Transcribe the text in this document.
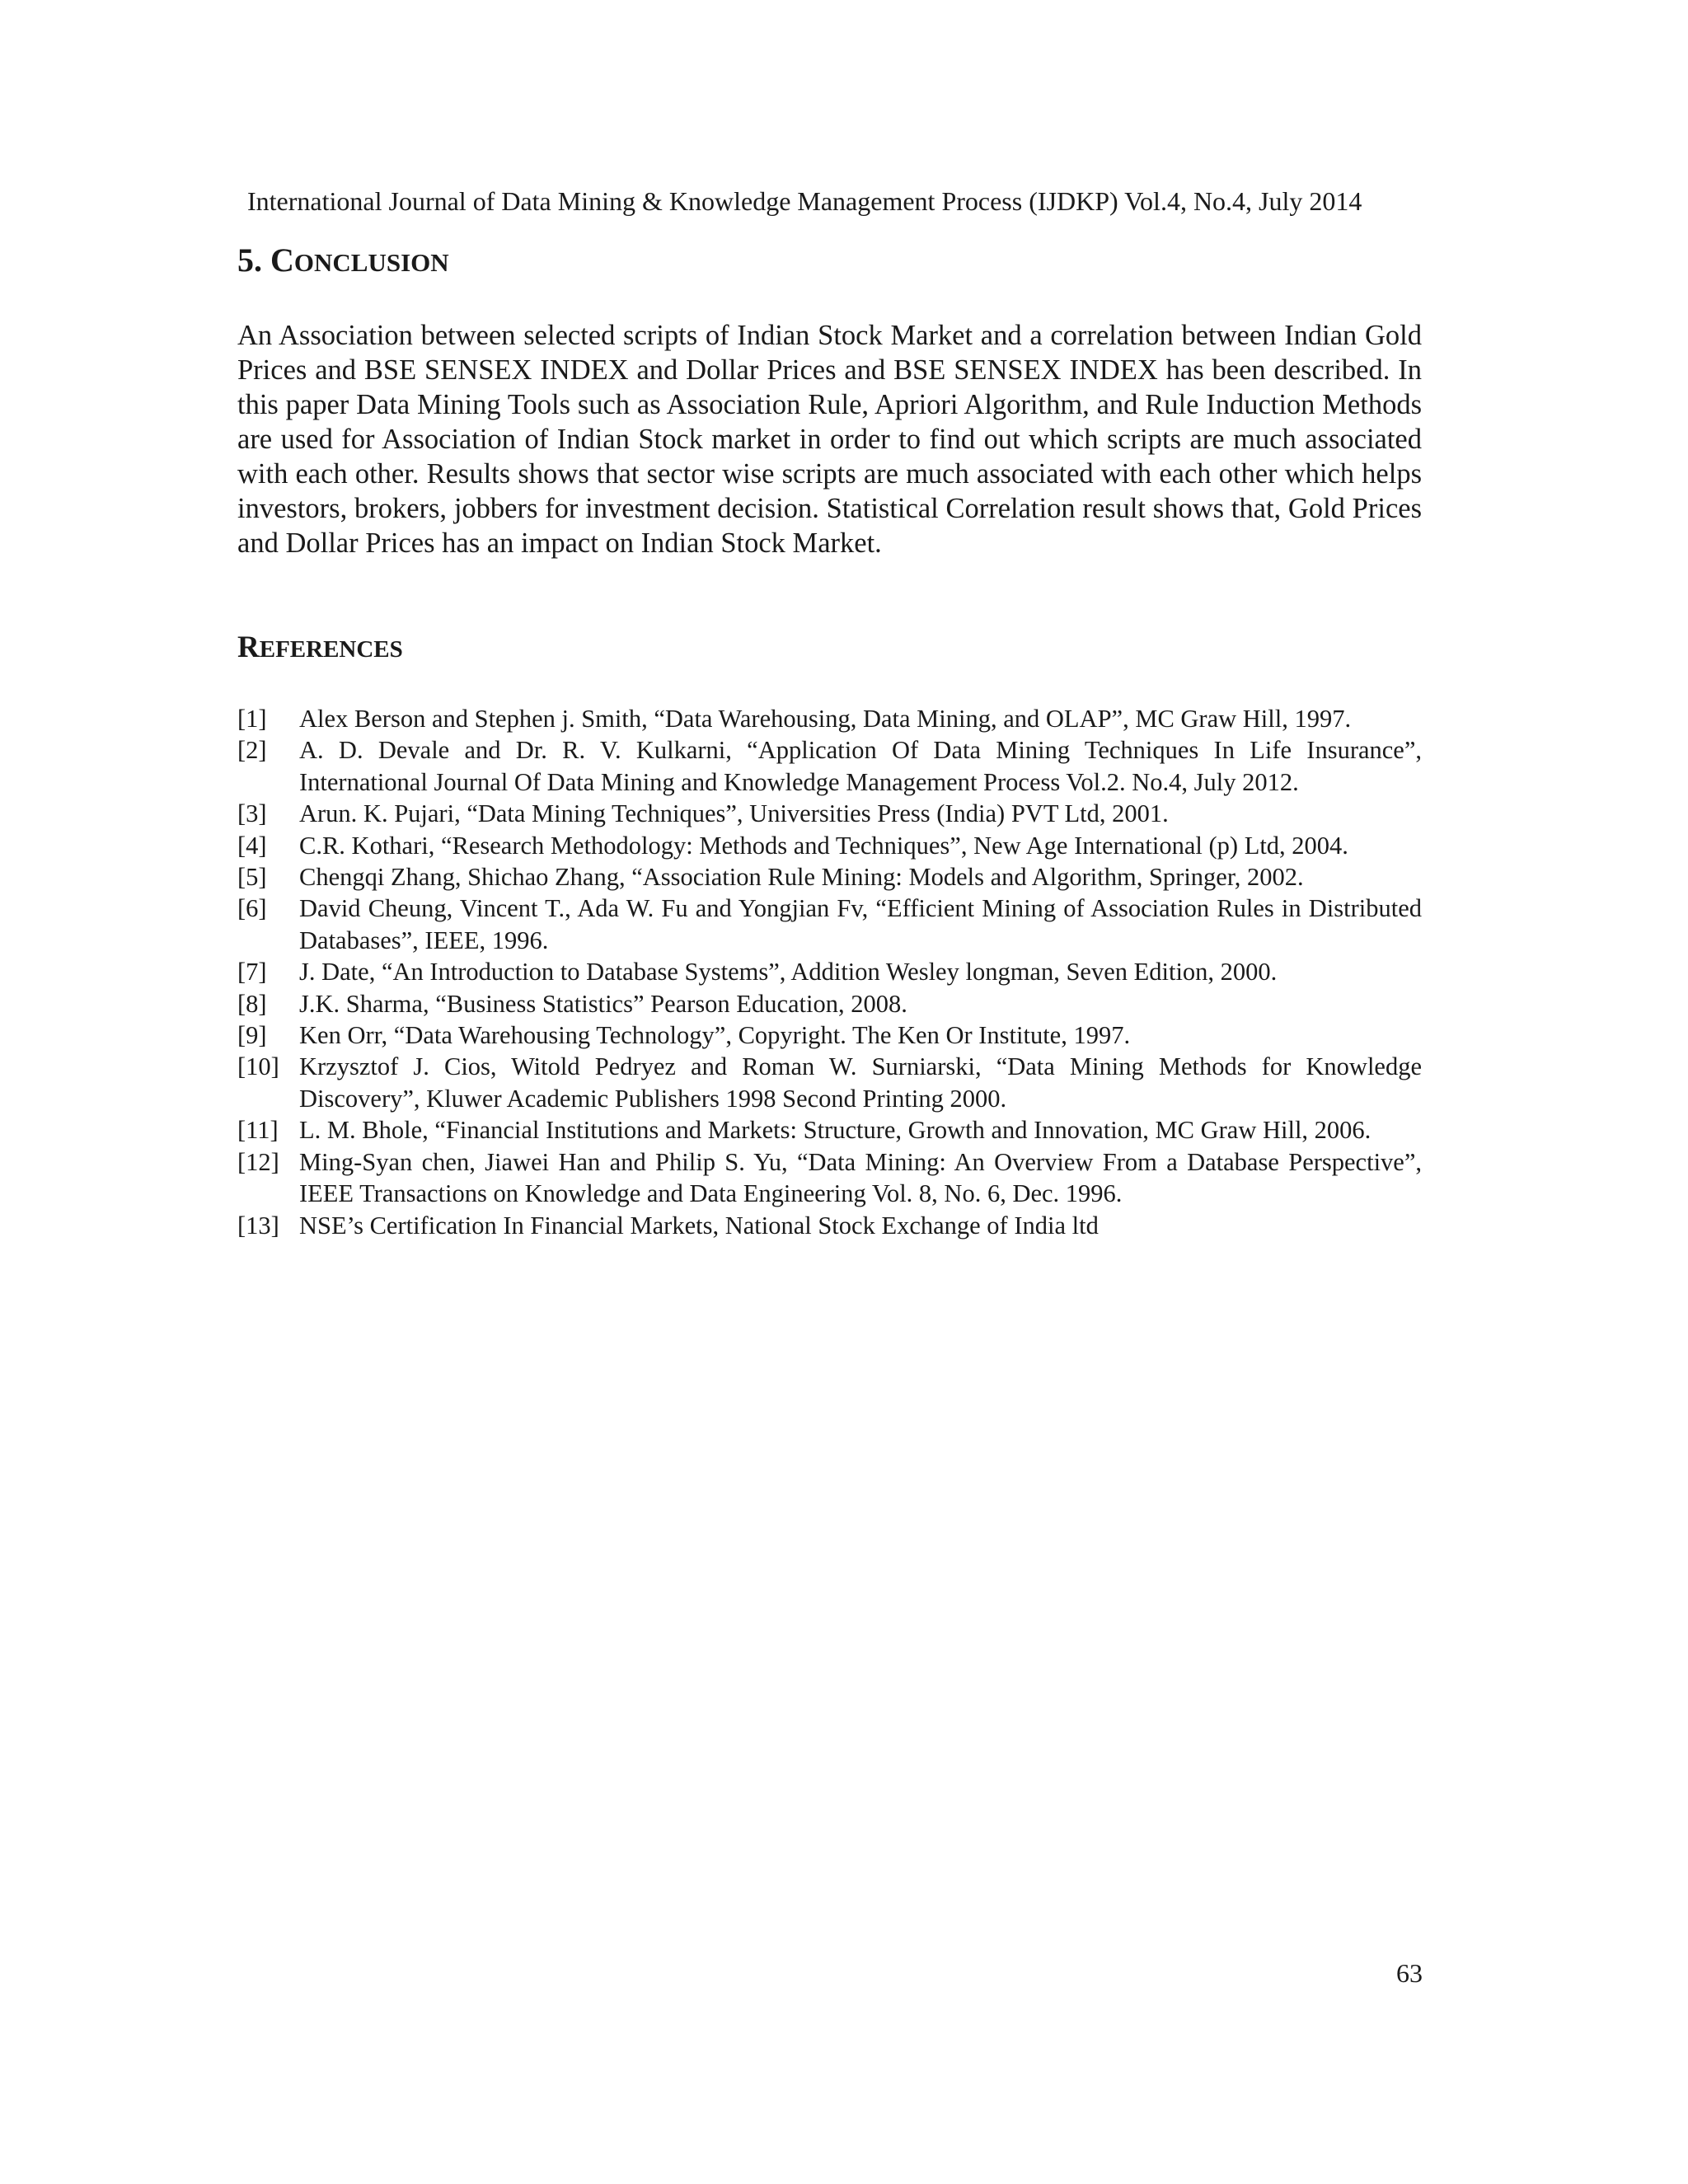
International Journal of Data Mining & Knowledge Management Process (IJDKP) Vol.4, No.4, July 2014
5. CONCLUSION

An Association between selected scripts of Indian Stock Market and a correlation between Indian Gold Prices and BSE SENSEX INDEX and Dollar Prices and BSE SENSEX INDEX has been described. In this paper Data Mining Tools such as Association Rule, Apriori Algorithm, and Rule Induction Methods are used for Association of Indian Stock market in order to find out which scripts are much associated with each other. Results shows that sector wise scripts are much associated with each other which helps investors, brokers, jobbers for investment decision. Statistical Correlation result shows that, Gold Prices and Dollar Prices has an impact on Indian Stock Market.

REFERENCES
[1] Alex Berson and Stephen j. Smith, “Data Warehousing, Data Mining, and OLAP”, MC Graw Hill, 1997.
[2] A. D. Devale and Dr. R. V. Kulkarni, “Application Of Data Mining Techniques In Life Insurance”, International Journal Of Data Mining and Knowledge Management Process Vol.2. No.4, July 2012.
[3] Arun. K. Pujari, “Data Mining Techniques”, Universities Press (India) PVT Ltd, 2001.
[4] C.R. Kothari, “Research Methodology: Methods and Techniques”, New Age International (p) Ltd, 2004.
[5] Chengqi Zhang, Shichao Zhang, “Association Rule Mining: Models and Algorithm, Springer, 2002.
[6] David Cheung, Vincent T., Ada W. Fu and Yongjian Fv, “Efficient Mining of Association Rules in Distributed Databases”, IEEE, 1996.
[7] J. Date, “An Introduction to Database Systems”, Addition Wesley longman, Seven Edition, 2000.
[8] J.K. Sharma, “Business Statistics” Pearson Education, 2008.
[9] Ken Orr, “Data Warehousing Technology”, Copyright. The Ken Or Institute, 1997.
[10] Krzysztof J. Cios, Witold Pedryez and Roman W. Surniarski, “Data Mining Methods for Knowledge Discovery”, Kluwer Academic Publishers 1998 Second Printing 2000.
[11] L. M. Bhole, “Financial Institutions and Markets: Structure, Growth and Innovation, MC Graw Hill, 2006.
[12] Ming-Syan chen, Jiawei Han and Philip S. Yu, “Data Mining: An Overview From a Database Perspective”, IEEE Transactions on Knowledge and Data Engineering Vol. 8, No. 6, Dec. 1996.
[13] NSE’s Certification In Financial Markets, National Stock Exchange of India ltd
63
